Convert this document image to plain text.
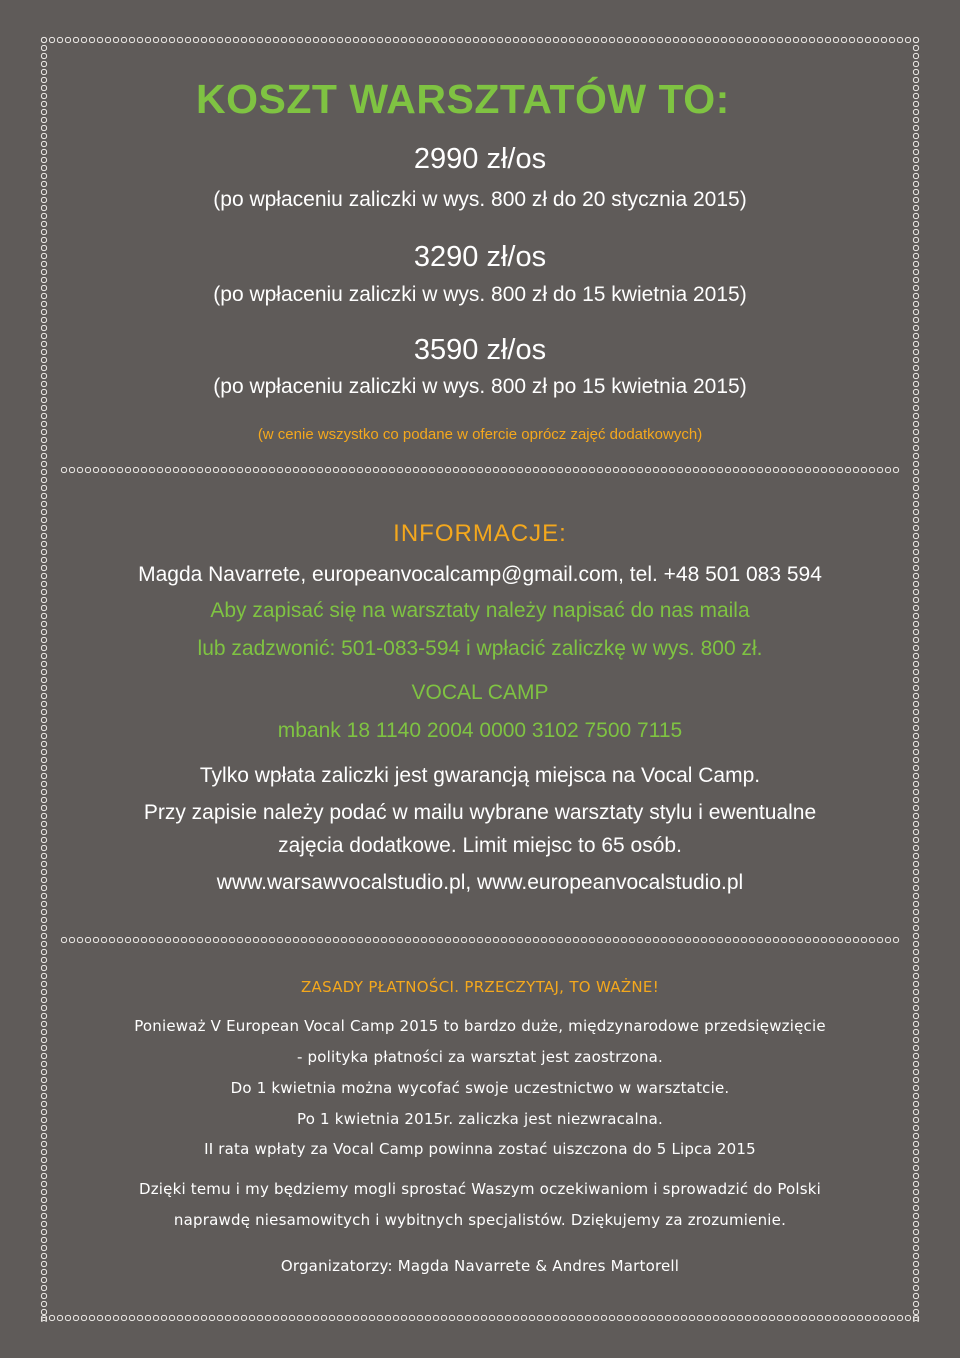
KOSZT WARSZTATÓW TO:
2990 zł/os
(po wpłaceniu zaliczki w wys. 800 zł do 20 stycznia 2015)
3290 zł/os
(po wpłaceniu zaliczki w wys. 800 zł do 15 kwietnia 2015)
3590 zł/os
(po wpłaceniu zaliczki w wys. 800 zł po 15 kwietnia 2015)
(w cenie wszystko co podane w ofercie oprócz zajęć dodatkowych)
INFORMACJE:
Magda Navarrete, europeanvocalcamp@gmail.com, tel. +48 501 083 594
Aby zapisać się na warsztaty należy napisać do nas maila
lub zadzwonić: 501-083-594 i wpłacić zaliczkę w wys. 800 zł.
VOCAL CAMP
mbank 18 1140 2004 0000 3102 7500 7115
Tylko wpłata zaliczki jest gwarancją miejsca na Vocal Camp.
Przy zapisie należy podać w mailu wybrane warsztaty stylu i ewentualne
zajęcia dodatkowe. Limit miejsc to 65 osób.
www.warsawvocalstudio.pl, www.europeanvocalstudio.pl
ZASADY PŁATNOŚCI. PRZECZYTAJ, TO WAŻNE!
Ponieważ V European Vocal Camp 2015 to bardzo duże, międzynarodowe przedsięwzięcie
- polityka płatności za warsztat jest zaostrzona.
Do 1 kwietnia można wycofać swoje uczestnictwo w warsztatcie.
Po 1 kwietnia 2015r. zaliczka jest niezwracalna.
II rata wpłaty za Vocal Camp powinna zostać uiszczona do 5 Lipca 2015
Dzięki temu i my będziemy mogli sprostać Waszym oczekiwaniom i sprowadzić do Polski
naprawdę niesamowitych i wybitnych specjalistów. Dziękujemy za zrozumienie.
Organizatorzy: Magda Navarrete & Andres Martorell
